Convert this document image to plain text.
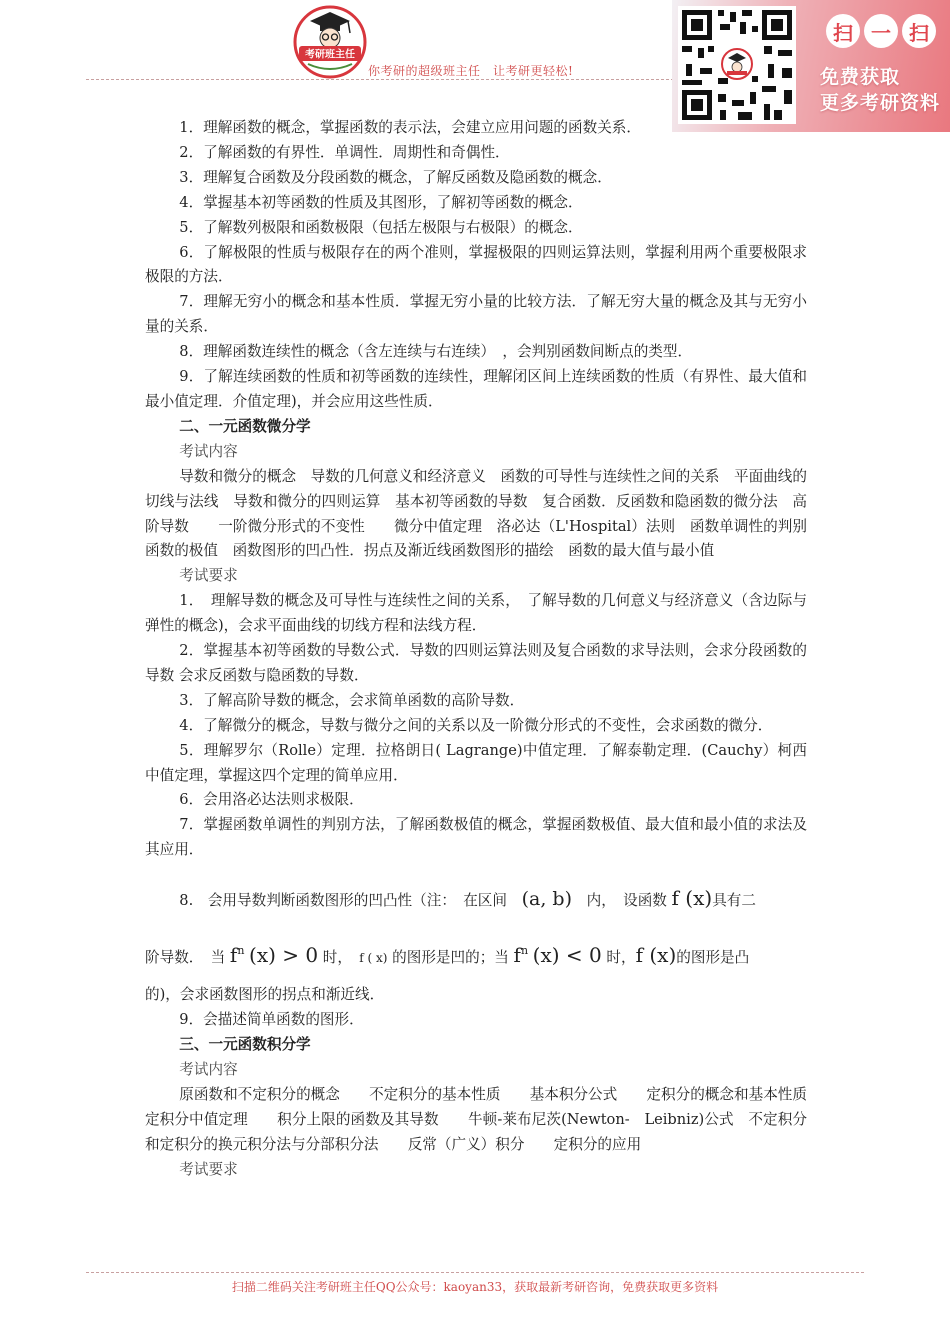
考研班主任
你考研的超级班主任　让考研更轻松!
扫 一 扫
免费获取
更多考研资料

1．理解函数的概念，掌握函数的表示法，会建立应用问题的函数关系．

2．了解函数的有界性．单调性．周期性和奇偶性．

3．理解复合函数及分段函数的概念，了解反函数及隐函数的概念．

4．掌握基本初等函数的性质及其图形，了解初等函数的概念．

5．了解数列极限和函数极限（包括左极限与右极限）的概念．

6．了解极限的性质与极限存在的两个准则，掌握极限的四则运算法则，掌握利用两个重要极限求极限的方法．

7．理解无穷小的概念和基本性质．掌握无穷小量的比较方法．了解无穷大量的概念及其与无穷小量的关系．

8．理解函数连续性的概念（含左连续与右连续）　，会判别函数间断点的类型．

9．了解连续函数的性质和初等函数的连续性，理解闭区间上连续函数的性质（有界性、最大值和最小值定理．介值定理)，并会应用这些性质．

二、一元函数微分学

考试内容

导数和微分的概念　导数的几何意义和经济意义　函数的可导性与连续性之间的关系　平面曲线的切线与法线　导数和微分的四则运算　基本初等函数的导数　复合函数．反函数和隐函数的微分法　高阶导数　　一阶微分形式的不变性　　微分中值定理　洛必达（L'Hospital）法则　函数单调性的判别　函数的极值　函数图形的凹凸性．拐点及渐近线函数图形的描绘　函数的最大值与最小值

考试要求

1．　理解导数的概念及可导性与连续性之间的关系，　了解导数的几何意义与经济意义（含边际与弹性的概念)，会求平面曲线的切线方程和法线方程．

2．掌握基本初等函数的导数公式．导数的四则运算法则及复合函数的求导法则，会求分段函数的导数 会求反函数与隐函数的导数．

3．了解高阶导数的概念，会求简单函数的高阶导数．

4．了解微分的概念，导数与微分之间的关系以及一阶微分形式的不变性，会求函数的微分．

5．理解罗尔（Rolle）定理．拉格朗日( Lagrange)中值定理．了解泰勒定理．(Cauchy）柯西中值定理，掌握这四个定理的简单应用．

6．会用洛必达法则求极限．

7．掌握函数单调性的判别方法，了解函数极值的概念，掌握函数极值、最大值和最小值的求法及其应用．

8.　会用导数判断函数图形的凹凸性（注：　在区间　 (a, b)　 内，　设函数 f (x)具有二

阶导数．　当 $f^n$ (x) > 0 时，　 f ( x) 的图形是凹的；当 $f^n$ (x) < 0 时，f (x)的图形是凸

的)，会求函数图形的拐点和渐近线．

9．会描述简单函数的图形．

三、一元函数积分学

考试内容

原函数和不定积分的概念　　不定积分的基本性质　　基本积分公式　　定积分的概念和基本性质　　定积分中值定理　　积分上限的函数及其导数　　牛顿-莱布尼茨(Newton-　Leibniz)公式　不定积分和定积分的换元积分法与分部积分法　　反常（广义）积分　　定积分的应用

考试要求

扫描二维码关注考研班主任QQ公众号：kaoyan33，获取最新考研咨询，免费获取更多资料
